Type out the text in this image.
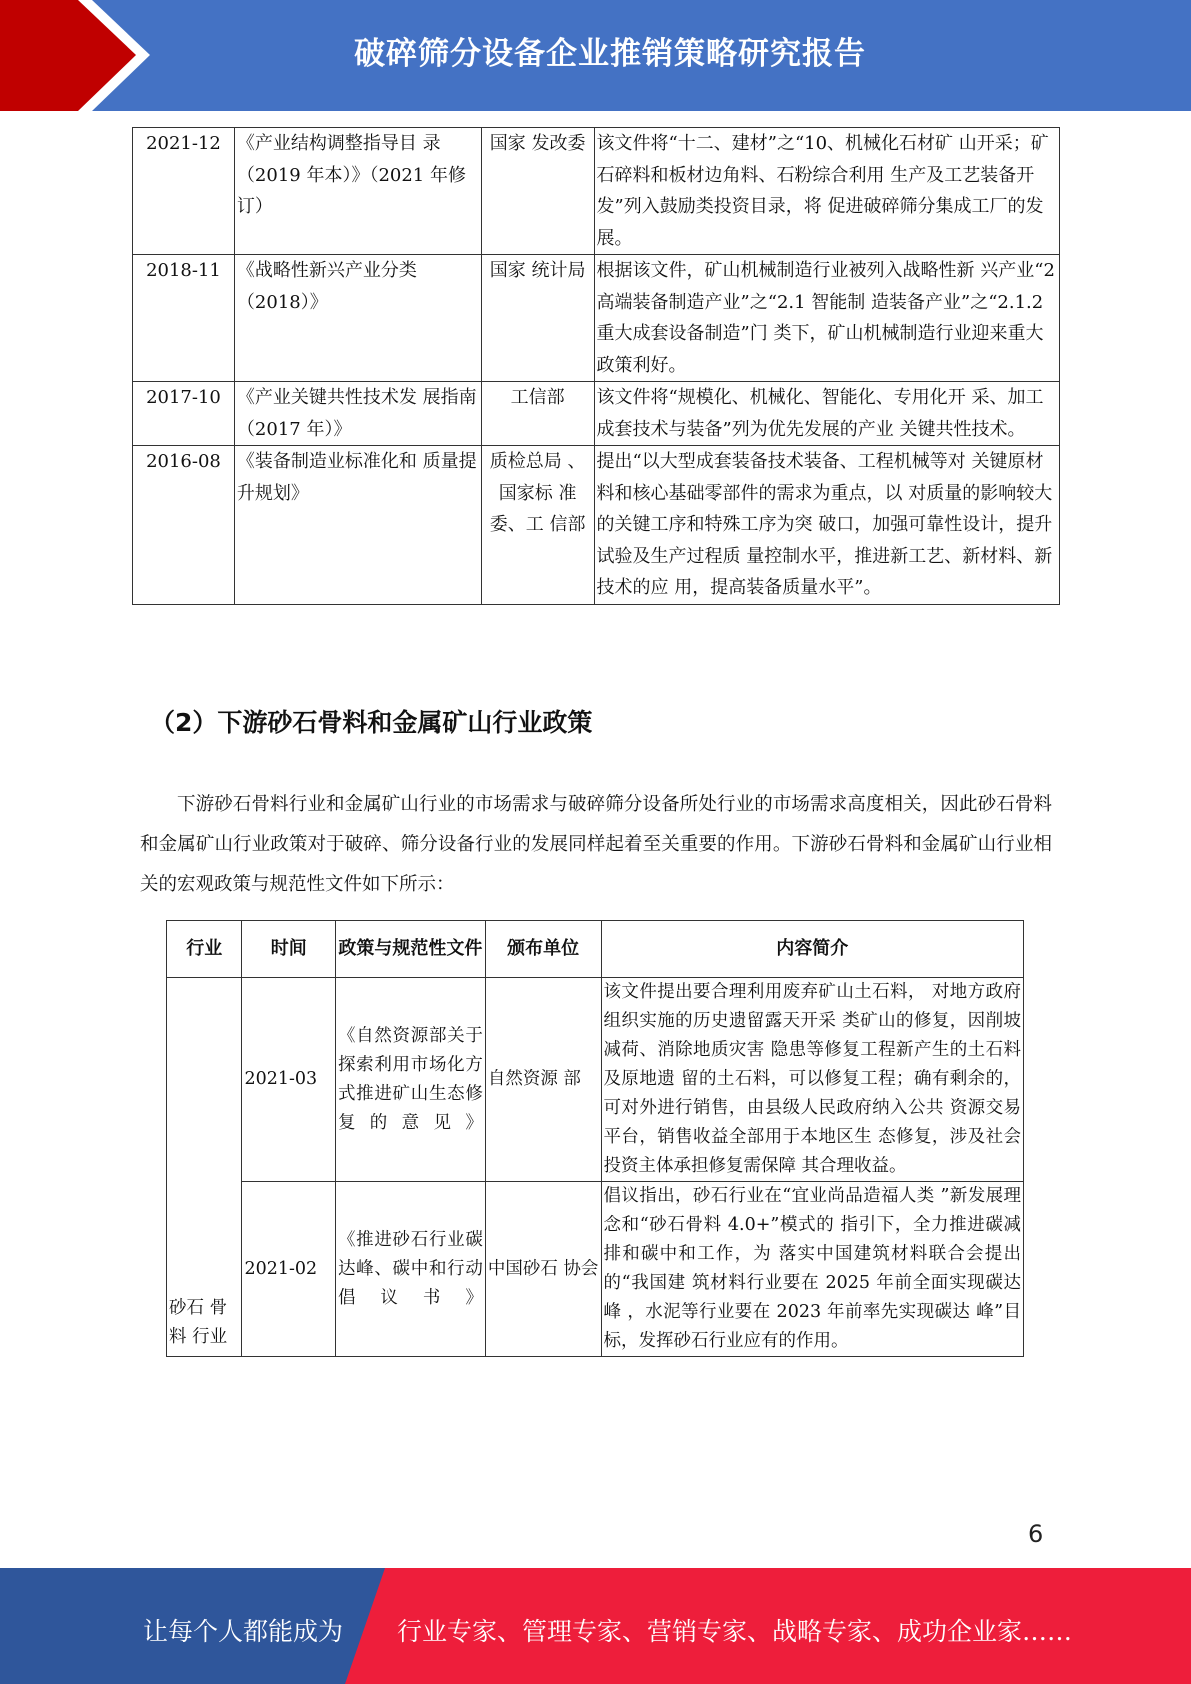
破碎筛分设备企业推销策略研究报告
2021-12	《产业结构调整指导目 录（2019 年本）》（2021 年修订）	国家 发改委	该文件将“十二、建材”之“10、机械化石材矿 山开采；矿石碎料和板材边角料、石粉综合利用 生产及工艺装备开发”列入鼓励类投资目录，将 促进破碎筛分集成工厂的发展。
2018-11	《战略性新兴产业分类（2018）》	国家 统计局	根据该文件，矿山机械制造行业被列入战略性新 兴产业“2 高端装备制造产业”之“2.1 智能制 造装备产业”之“2.1.2 重大成套设备制造”门 类下，矿山机械制造行业迎来重大政策利好。
2017-10	《产业关键共性技术发 展指南（2017 年）》	工信部	该文件将“规模化、机械化、智能化、专用化开 采、加工成套技术与装备”列为优先发展的产业 关键共性技术。
2016-08	《装备制造业标准化和 质量提升规划》	质检总局 、国家标 准委、工 信部	提出“以大型成套装备技术装备、工程机械等对 关键原材料和核心基础零部件的需求为重点，以 对质量的影响较大的关键工序和特殊工序为突 破口，加强可靠性设计，提升试验及生产过程质 量控制水平，推进新工艺、新材料、新技术的应 用，提高装备质量水平”。
（2）下游砂石骨料和金属矿山行业政策
下游砂石骨料行业和金属矿山行业的市场需求与破碎筛分设备所处行业的市场需求高度相关，因此砂石骨料和金属矿山行业政策对于破碎、筛分设备行业的发展同样起着至关重要的作用。下游砂石骨料和金属矿山行业相关的宏观政策与规范性文件如下所示：
行业	时间	政策与规范性文件	颁布单位	内容简介
砂石 骨料 行业	2021-03	《自然资源部关于探索利用市场化方式推进矿山生态修复的意见》	自然资源 部	该文件提出要合理利用废弃矿山土石料， 对地方政府组织实施的历史遗留露天开采 类矿山的修复，因削坡减荷、消除地质灾害 隐患等修复工程新产生的土石料及原地遗 留的土石料，可以修复工程；确有剩余的， 可对外进行销售，由县级人民政府纳入公共 资源交易平台，销售收益全部用于本地区生 态修复，涉及社会投资主体承担修复需保障 其合理收益。
	2021-02	《推进砂石行业碳达峰、碳中和行动倡议书》	中国砂石 协会	倡议指出，砂石行业在“宜业尚品造福人类 ”新发展理念和“砂石骨料 4.0+”模式的 指引下，全力推进碳减排和碳中和工作，为 落实中国建筑材料联合会提出的“我国建 筑材料行业要在 2025 年前全面实现碳达峰 ，水泥等行业要在 2023 年前率先实现碳达 峰”目标，发挥砂石行业应有的作用。
6
让每个人都能成为 行业专家、管理专家、营销专家、战略专家、成功企业家……
